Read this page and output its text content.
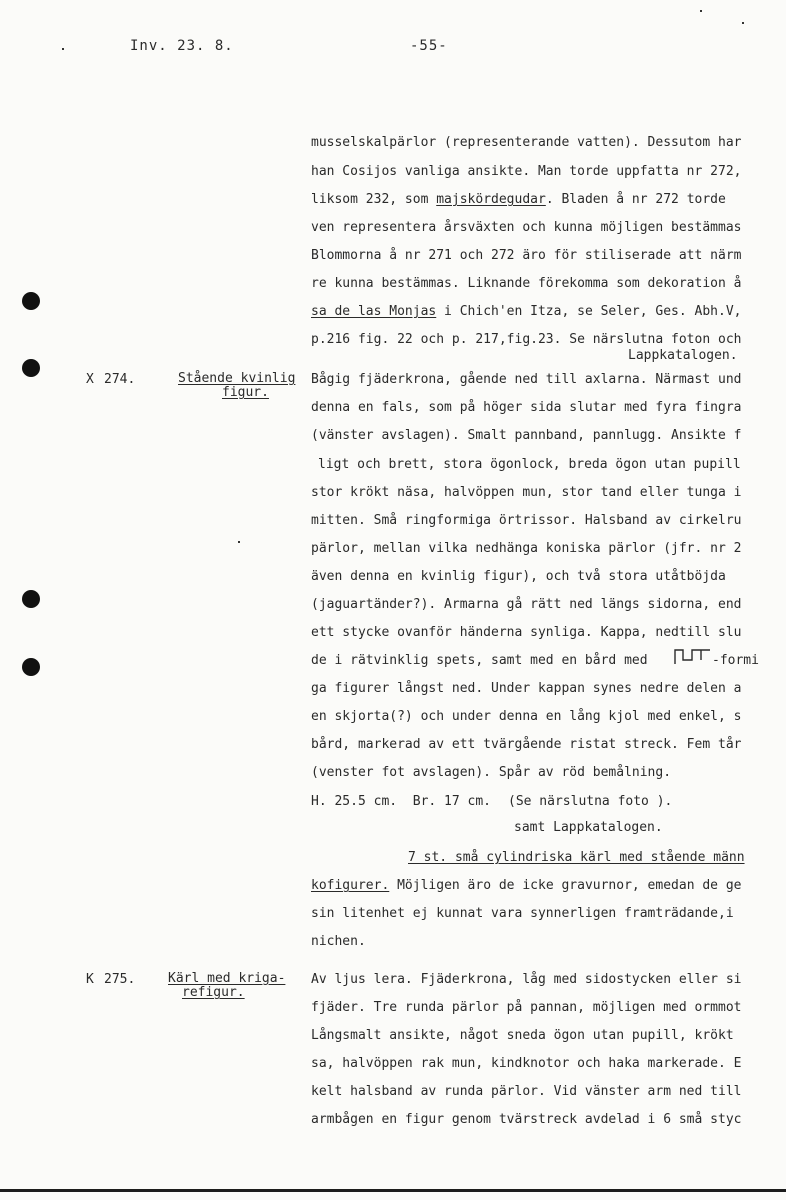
Inv. 23. 8.	-55-
musselskalpärlor (representerande vatten). Dessutom har
han Cosijos vanliga ansikte. Man torde uppfatta nr 272,
liksom 232, som majskördegudar. Bladen å nr 272 torde
ven representera årsväxten och kunna möjligen bestämmas
Blommorna å nr 271 och 272 äro för stiliserade att närm
re kunna bestämmas. Liknande förekomma som dekoration å
sa de las Monjas i Chich'en Itza, se Seler, Ges. Abh.V,
p.216 fig. 22 och p. 217,fig.23. Se närslutna foton och
Lappkatalogen.
X 274.	Stående kvinlig
figur.
Bågig fjäderkrona, gående ned till axlarna. Närmast und
denna en fals, som på höger sida slutar med fyra fingra
(vänster avslagen). Smalt pannband, pannlugg. Ansikte f
ligt och brett, stora ögonlock, breda ögon utan pupill
stor krökt näsa, halvöppen mun, stor tand eller tunga i
mitten. Små ringformiga örtrissor. Halsband av cirkelru
pärlor, mellan vilka nedhänga koniska pärlor (jfr. nr 2
även denna en kvinlig figur), och två stora utåtböjda
(jaguartänder?). Armarna gå rätt ned längs sidorna, end
ett stycke ovanför händerna synliga. Kappa, nedtill slu
de i rätvinklig spets, samt med en bård med	-formi
ga figurer långst ned. Under kappan synes nedre delen a
en skjorta(?) och under denna en lång kjol med enkel, s
bård, markerad av ett tvärgående ristat streck. Fem tår
(venster fot avslagen). Spår av röd bemålning.
H. 25.5 cm.  Br. 17 cm. (Se närslutna foto ).
samt Lappkatalogen.
7 st. små cylindriska kärl med stående männ
kofigurer. Möjligen äro de icke gravurnor, emedan de ge
sin litenhet ej kunnat vara synnerligen framträdande,i
nichen.
K 275.	Kärl med kriga-
refigur.
Av ljus lera. Fjäderkrona, låg med sidostycken eller si
fjäder. Tre runda pärlor på pannan, möjligen med ormmot
Långsmalt ansikte, något sneda ögon utan pupill, krökt
sa, halvöppen rak mun, kindknotor och haka markerade. E
kelt halsband av runda pärlor. Vid vänster arm ned till
armbågen en figur genom tvärstreck avdelad i 6 små styc
